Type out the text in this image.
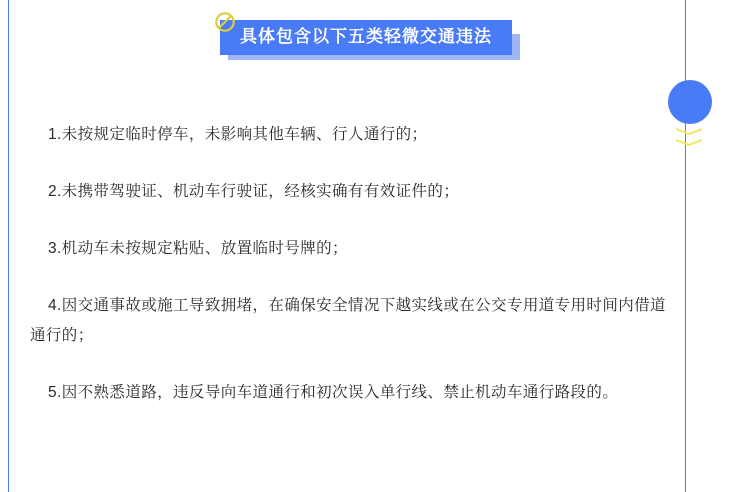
具体包含以下五类轻微交通违法

1.未按规定临时停车，未影响其他车辆、行人通行的；

2.未携带驾驶证、机动车行驶证，经核实确有有效证件的；

3.机动车未按规定粘贴、放置临时号牌的；

4.因交通事故或施工导致拥堵，在确保安全情况下越实线或在公交专用道专用时间内借道通行的；

5.因不熟悉道路，违反导向车道通行和初次误入单行线、禁止机动车通行路段的。
